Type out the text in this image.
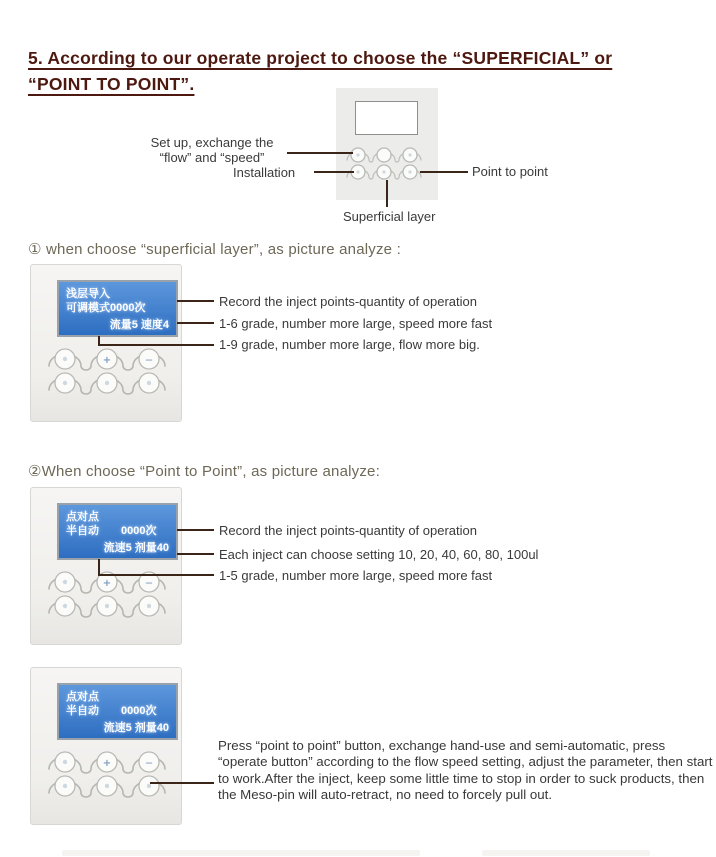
5. According to our operate project to choose the “SUPERFICIAL” or
“POINT TO POINT”.
Set up, exchange the
“flow” and “speed”
Installation	Point to point
Superficial layer
① when choose “superficial layer”, as picture analyze :
浅层导入
可调模式0000次
流量5 速度4
+	—
Record the inject points-quantity of operation
1-6 grade, number more large, speed more fast
1-9 grade, number more large, flow more big.
②When choose “Point to Point”, as picture analyze:
点对点
半自动　　0000次
流速5 剂量40
+	—
Record the inject points-quantity of operation
Each inject can choose setting 10, 20, 40, 60, 80, 100ul
1-5 grade, number more large, speed more fast
点对点
半自动　　0000次
流速5 剂量40
+	—
Press “point to point” button, exchange hand-use and semi-automatic, press “operate button” according to the flow speed setting, adjust the parameter, then start to work.After the inject, keep some little time to stop in order to suck products, then the Meso-pin will auto-retract, no need to forcely pull out.
